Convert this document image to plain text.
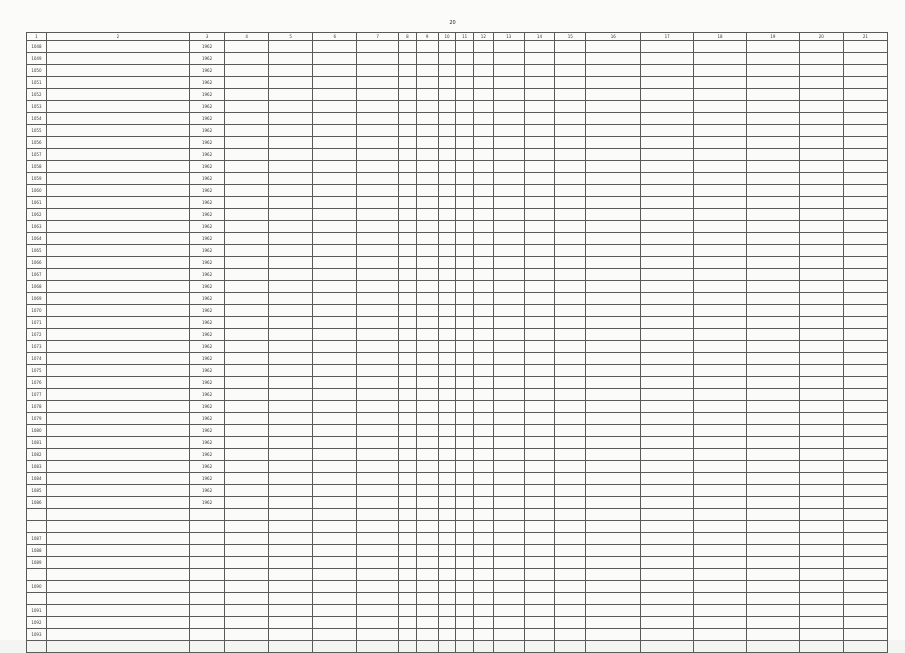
20
1	2	3	4	5	6	7	8	9	10	11	12	13	14	15	16	17	18	19	20	21
1048		1962																		
1049		1962																		
1050		1962																		
1051		1962																		
1052		1962																		
1053		1962																		
1054		1962																		
1055		1962																		
1056		1962																		
1057		1962																		
1058		1962																		
1059		1962																		
1060		1962																		
1061		1962																		
1062		1962																		
1063		1962																		
1064		1962																		
1065		1962																		
1066		1962																		
1067		1962																		
1068		1962																		
1069		1962																		
1070		1962																		
1071		1962																		
1072		1962																		
1073		1962																		
1074		1962																		
1075		1962																		
1076		1962																		
1077		1962																		
1078		1962																		
1079		1962																		
1080		1962																		
1081		1962																		
1082		1962																		
1083		1962																		
1084		1962																		
1085		1962																		
1086		1962																		

1087																				
1088																				
1089																				

1090																				

1091																				
1092																				
1093																				
